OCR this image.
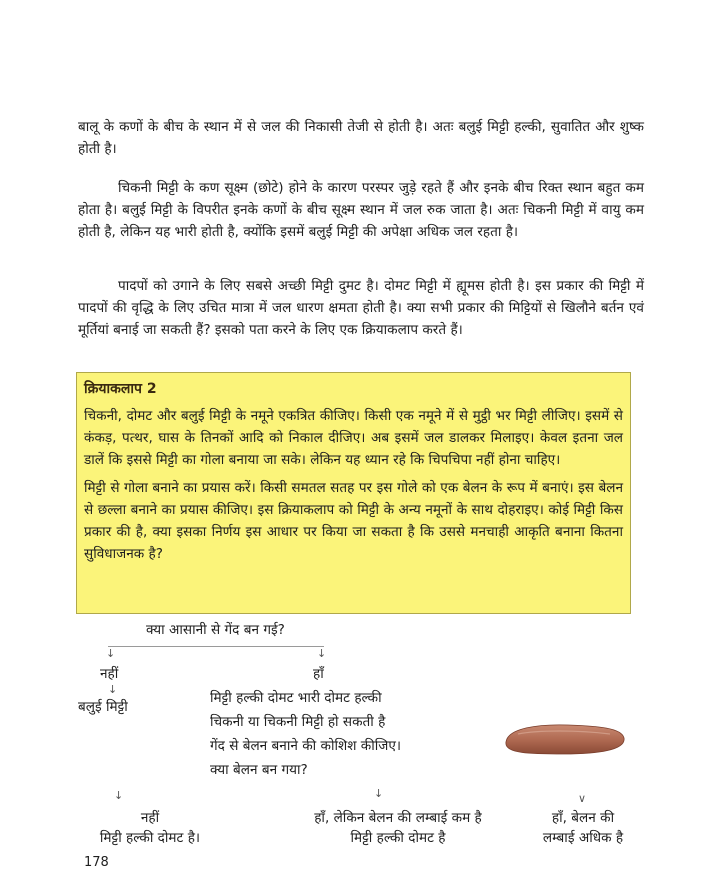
बालू के कणों के बीच के स्थान में से जल की निकासी तेजी से होती है। अतः बलुई मिट्टी हल्की, सुवातित और शुष्क होती है।

चिकनी मिट्टी के कण सूक्ष्म (छोटे) होने के कारण परस्पर जुड़े रहते हैं और इनके बीच रिक्त स्थान बहुत कम होता है। बलुई मिट्टी के विपरीत इनके कणों के बीच सूक्ष्म स्थान में जल रुक जाता है। अतः चिकनी मिट्टी में वायु कम होती है, लेकिन यह भारी होती है, क्योंकि इसमें बलुई मिट्टी की अपेक्षा अधिक जल रहता है।

पादपों को उगाने के लिए सबसे अच्छी मिट्टी दुमट है। दोमट मिट्टी में ह्यूमस होती है। इस प्रकार की मिट्टी में पादपों की वृद्धि के लिए उचित मात्रा में जल धारण क्षमता होती है। क्या सभी प्रकार की मिट्टियों से खिलौने बर्तन एवं मूर्तियां बनाई जा सकती हैं? इसको पता करने के लिए एक क्रियाकलाप करते हैं।

क्रियाकलाप 2

चिकनी, दोमट और बलुई मिट्टी के नमूने एकत्रित कीजिए। किसी एक नमूने में से मुट्ठी भर मिट्टी लीजिए। इसमें से कंकड़, पत्थर, घास के तिनकों आदि को निकाल दीजिए। अब इसमें जल डालकर मिलाइए। केवल इतना जल डालें कि इससे मिट्टी का गोला बनाया जा सके। लेकिन यह ध्यान रहे कि चिपचिपा नहीं होना चाहिए।

मिट्टी से गोला बनाने का प्रयास करें। किसी समतल सतह पर इस गोले को एक बेलन के रूप में बनाएं। इस बेलन से छल्ला बनाने का प्रयास कीजिए। इस क्रियाकलाप को मिट्टी के अन्य नमूनों के साथ दोहराइए। कोई मिट्टी किस प्रकार की है, क्या इसका निर्णय इस आधार पर किया जा सकता है कि उससे मनचाही आकृति बनाना कितना सुविधाजनक है?

क्या आसानी से गेंद बन गई?
↓	↓
नहीं	हाँ
↓
बलुई मिट्टी
मिट्टी हल्की दोमट भारी दोमट हल्की
चिकनी या चिकनी मिट्टी हो सकती है
गेंद से बेलन बनाने की कोशिश कीजिए।
क्या बेलन बन गया?
↓	↓	∨
नहीं
मिट्टी हल्की दोमट है।
हाँ, लेकिन बेलन की लम्बाई कम है
मिट्टी हल्की दोमट है
हाँ, बेलन की
लम्बाई अधिक है
178
